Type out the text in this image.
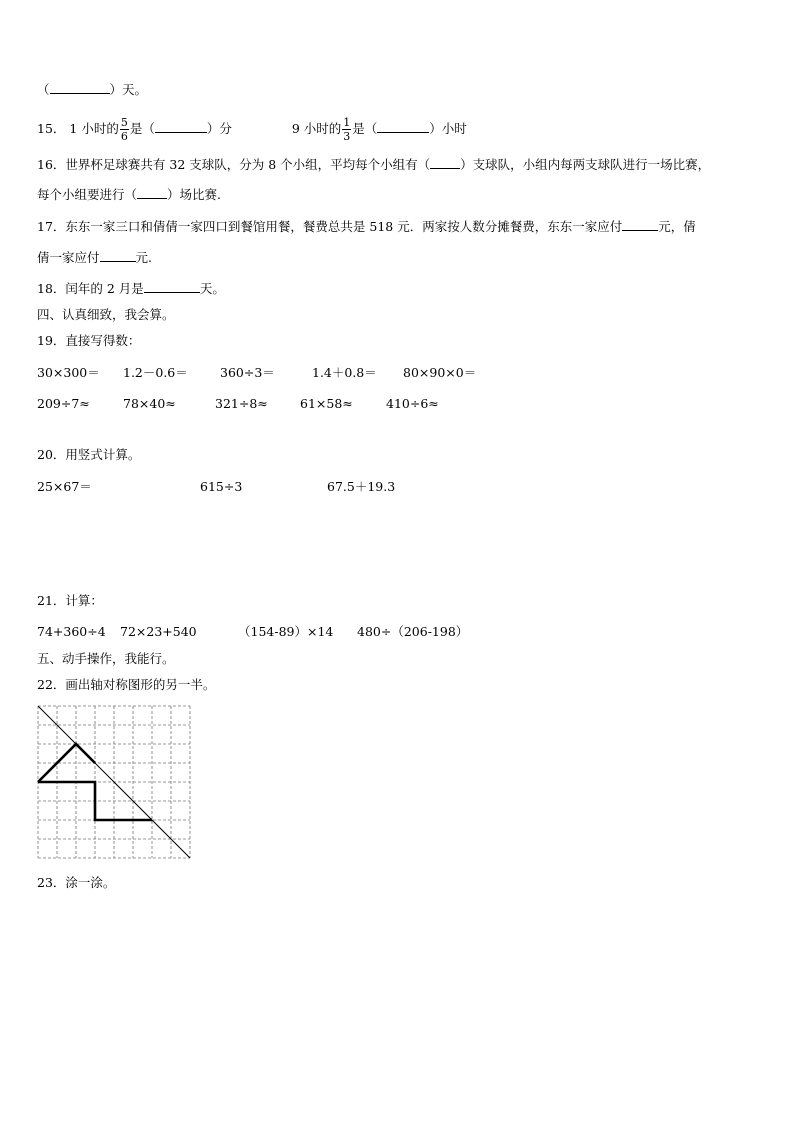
（	）天。
15． 1 小时的 $\frac{5}{6}$ 是（	）分	9 小时的 $\frac{1}{3}$ 是（	）小时
16．世界杯足球赛共有 32 支球队，分为 8 个小组，平均每个小组有（ ）支球队，小组内每两支球队进行一场比赛，
每个小组要进行（ ）场比赛.
17．东东一家三口和倩倩一家四口到餐馆用餐，餐费总共是 518 元．两家按人数分摊餐费，东东一家应付	元，倩
倩一家应付	元.
18．闰年的 2 月是	天。
四、认真细致，我会算。
19．直接写得数：
30×300＝ 1.2－0.6＝	360÷3＝	1.4＋0.8＝ 80×90×0＝
209÷7≈	78×40≈	321÷8≈	61×58≈	410÷6≈
20．用竖式计算。
25×67＝	615÷3	67.5＋19.3
21．计算：
74+360÷4 72×23+540	（154-89）×14 480÷（206-198）
五、动手操作，我能行。
22．画出轴对称图形的另一半。
23．涂一涂。
